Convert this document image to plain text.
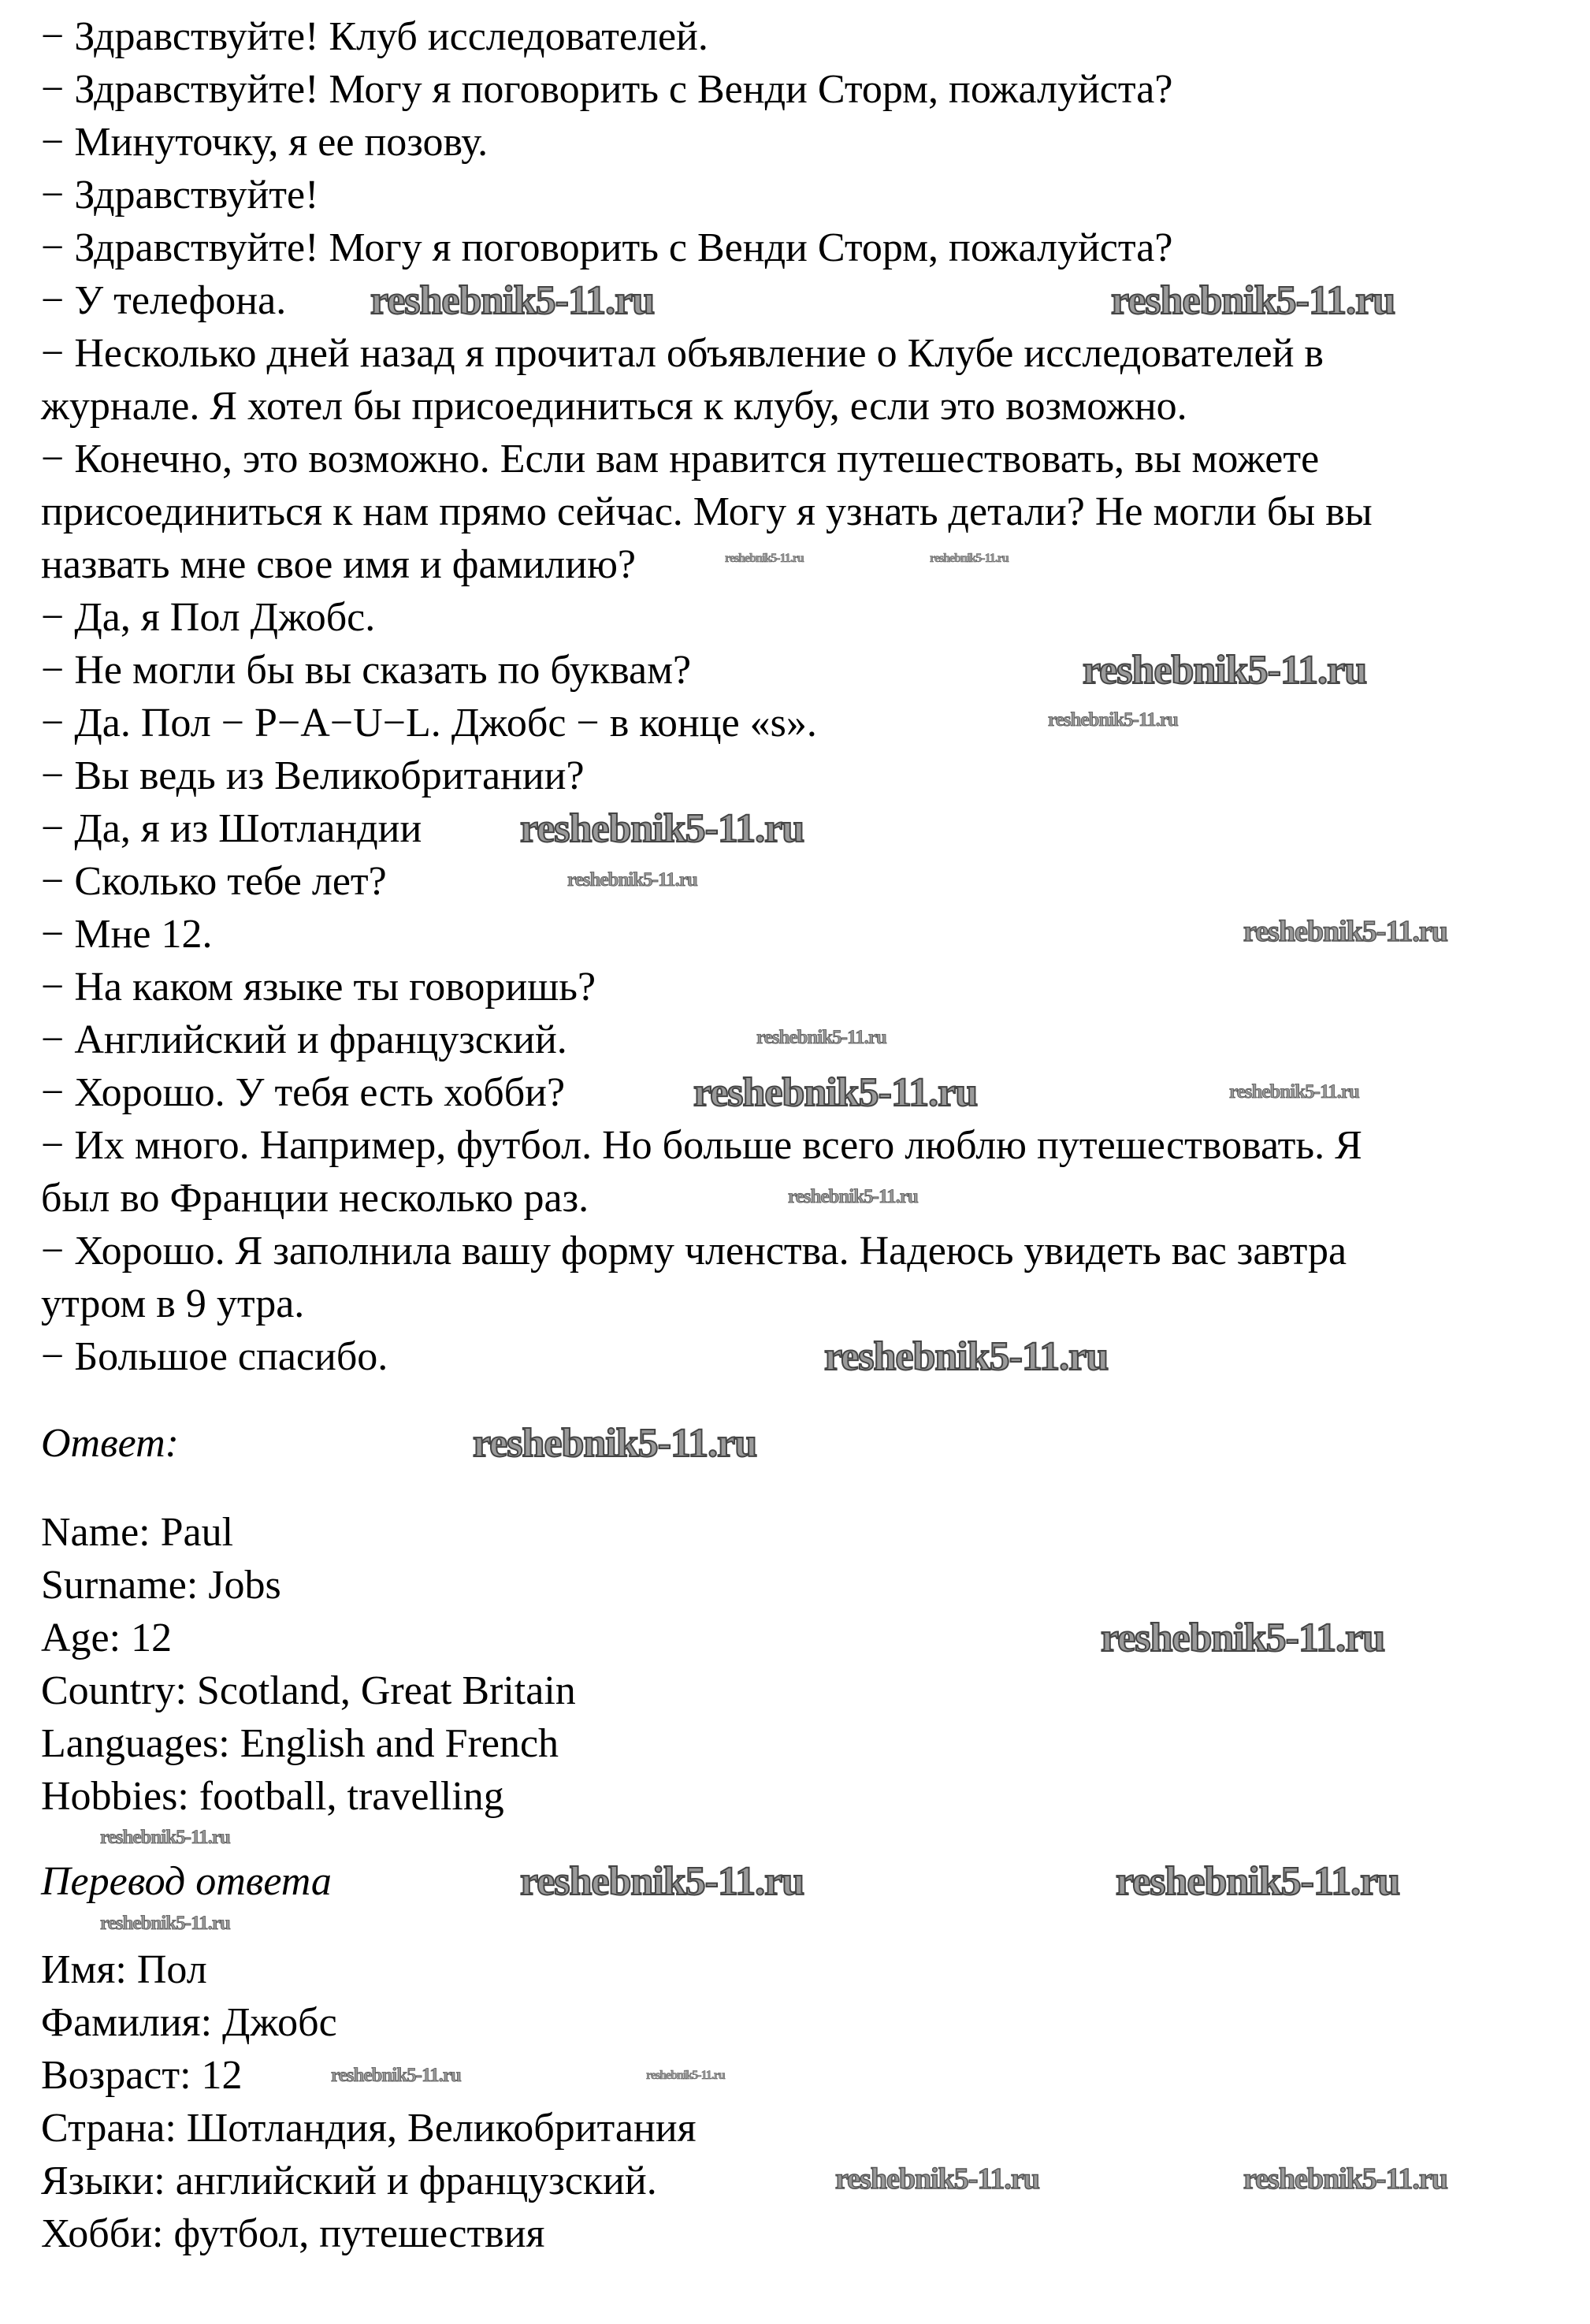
− Здравствуйте! Клуб исследователей.
− Здравствуйте! Могу я поговорить с Венди Сторм, пожалуйста?
− Минуточку, я ее позову.
− Здравствуйте!
− Здравствуйте! Могу я поговорить с Венди Сторм, пожалуйста?
− У телефона.
− Несколько дней назад я прочитал объявление о Клубе исследователей в
журнале. Я хотел бы присоединиться к клубу, если это возможно.
− Конечно, это возможно. Если вам нравится путешествовать, вы можете
присоединиться к нам прямо сейчас. Могу я узнать детали? Не могли бы вы
назвать мне свое имя и фамилию?
− Да, я Пол Джобс.
− Не могли бы вы сказать по буквам?
− Да. Пол − P−A−U−L. Джобс − в конце «s».
− Вы ведь из Великобритании?
− Да, я из Шотландии
− Сколько тебе лет?
− Мне 12.
− На каком языке ты говоришь?
− Английский и французский.
− Хорошо. У тебя есть хобби?
− Их много. Например, футбол. Но больше всего люблю путешествовать. Я
был во Франции несколько раз.
− Хорошо. Я заполнила вашу форму членства. Надеюсь увидеть вас завтра
утром в 9 утра.
− Большое спасибо.
Ответ:
Name: Paul
Surname: Jobs
Age: 12
Country: Scotland, Great Britain
Languages: English and French
Hobbies: football, travelling
Перевод ответа
Имя: Пол
Фамилия: Джобс
Возраст: 12
Страна: Шотландия, Великобритания
Языки: английский и французский.
Хобби: футбол, путешествия
reshebnik5-11.ru	reshebnik5-11.ru
reshebnik5-11.ru	reshebnik5-11.ru
reshebnik5-11.ru
reshebnik5-11.ru
reshebnik5-11.ru
reshebnik5-11.ru
reshebnik5-11.ru
reshebnik5-11.ru
reshebnik5-11.ru	reshebnik5-11.ru
reshebnik5-11.ru
reshebnik5-11.ru
reshebnik5-11.ru
reshebnik5-11.ru
reshebnik5-11.ru
reshebnik5-11.ru
reshebnik5-11.ru
reshebnik5-11.ru
reshebnik5-11.ru	reshebnik5-11.ru
reshebnik5-11.ru	reshebnik5-11.ru
